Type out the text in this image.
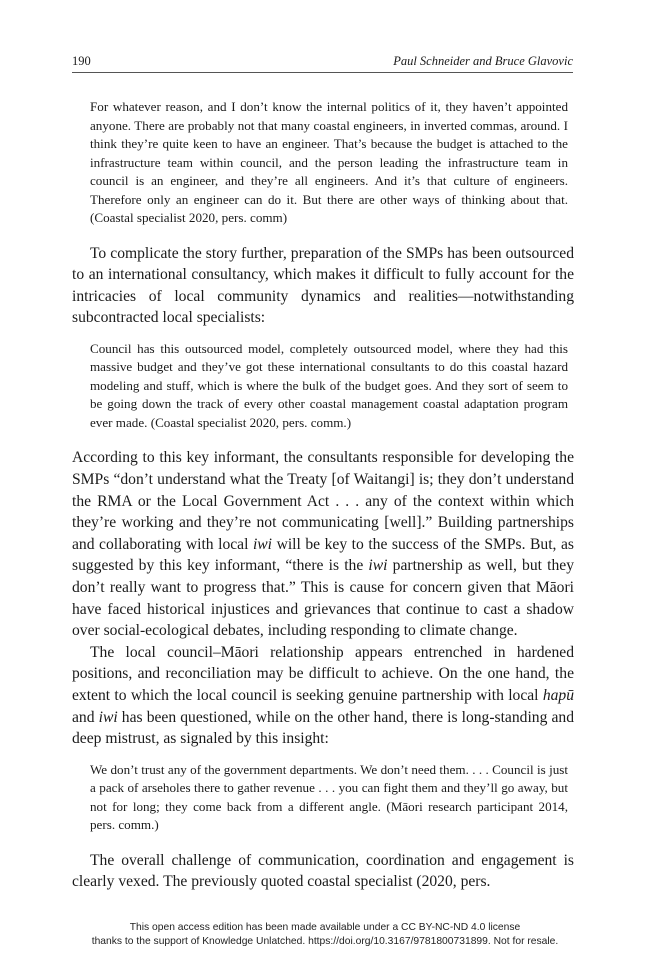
190	Paul Schneider and Bruce Glavovic

For whatever reason, and I don’t know the internal politics of it, they haven’t appointed anyone. There are probably not that many coastal engineers, in inverted commas, around. I think they’re quite keen to have an engineer. That’s because the budget is attached to the infrastructure team within council, and the person leading the infrastructure team in council is an engineer, and they’re all engineers. And it’s that culture of engineers. Therefore only an engineer can do it. But there are other ways of thinking about that. (Coastal specialist 2020, pers. comm)

To complicate the story further, preparation of the SMPs has been outsourced to an international consultancy, which makes it difficult to fully account for the intricacies of local community dynamics and realities—notwithstanding subcontracted local specialists:

Council has this outsourced model, completely outsourced model, where they had this massive budget and they’ve got these international consultants to do this coastal hazard modeling and stuff, which is where the bulk of the budget goes. And they sort of seem to be going down the track of every other coastal management coastal adaptation program ever made. (Coastal specialist 2020, pers. comm.)

According to this key informant, the consultants responsible for developing the SMPs “don’t understand what the Treaty [of Waitangi] is; they don’t understand the RMA or the Local Government Act . . . any of the context within which they’re working and they’re not communicating [well].” Building partnerships and collaborating with local iwi will be key to the success of the SMPs. But, as suggested by this key informant, “there is the iwi partnership as well, but they don’t really want to progress that.” This is cause for concern given that Māori have faced historical injustices and grievances that continue to cast a shadow over social-ecological debates, including responding to climate change.

The local council–Māori relationship appears entrenched in hardened positions, and reconciliation may be difficult to achieve. On the one hand, the extent to which the local council is seeking genuine partnership with local hapū and iwi has been questioned, while on the other hand, there is long-standing and deep mistrust, as signaled by this insight:

We don’t trust any of the government departments. We don’t need them. . . . Council is just a pack of arseholes there to gather revenue . . . you can fight them and they’ll go away, but not for long; they come back from a different angle. (Māori research participant 2014, pers. comm.)

The overall challenge of communication, coordination and engagement is clearly vexed. The previously quoted coastal specialist (2020, pers.

This open access edition has been made available under a CC BY-NC-ND 4.0 license
thanks to the support of Knowledge Unlatched. https://doi.org/10.3167/9781800731899. Not for resale.
